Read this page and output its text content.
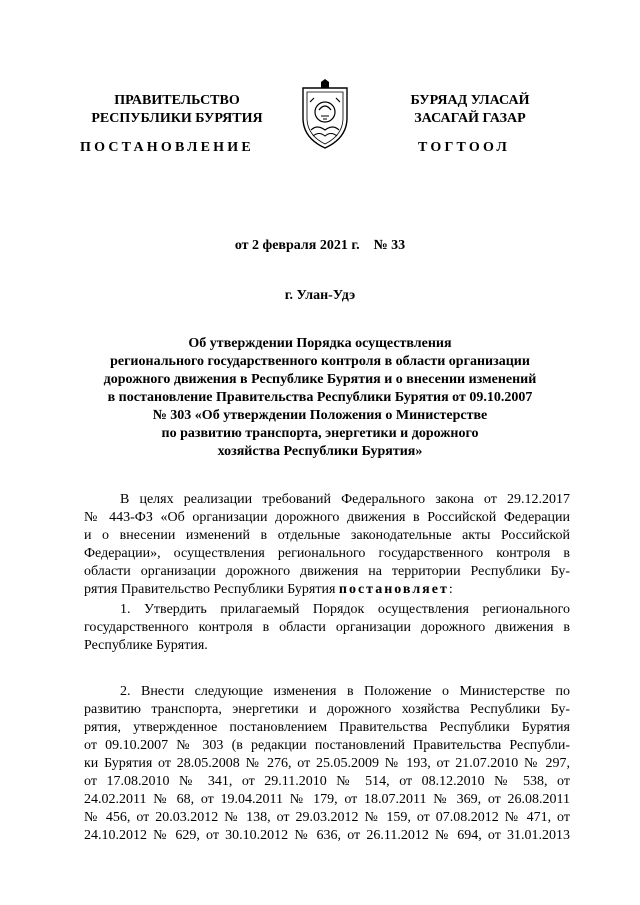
ПРАВИТЕЛЬСТВО
РЕСПУБЛИКИ БУРЯТИЯ
БУРЯАД УЛАСАЙ
ЗАСАГАЙ ГАЗАР
ПОСТАНОВЛЕНИЕ	ТОГТООЛ
от 2 февраля 2021 г.    № 33
г. Улан-Удэ
Об утверждении Порядка осуществления
регионального государственного контроля в области организации
дорожного движения в Республике Бурятия и о внесении изменений
в постановление Правительства Республики Бурятия от 09.10.2007
№ 303 «Об утверждении Положения о Министерстве
по развитию транспорта, энергетики и дорожного
хозяйства Республики Бурятия»
В целях реализации требований Федерального закона от 29.12.2017
№ 443-ФЗ «Об организации дорожного движения в Российской Федерации
и о внесении изменений в отдельные законодательные акты Российской
Федерации», осуществления регионального государственного контроля в
области организации дорожного движения на территории Республики Бу-
рятия Правительство Республики Бурятия постановляет:
1. Утвердить прилагаемый Порядок осуществления регионального
государственного контроля в области организации дорожного движения в
Республике Бурятия.
2. Внести следующие изменения в Положение о Министерстве по
развитию транспорта, энергетики и дорожного хозяйства Республики Бу-
рятия, утвержденное постановлением Правительства Республики Бурятия
от 09.10.2007 № 303 (в редакции постановлений Правительства Республи-
ки Бурятия от 28.05.2008 № 276, от 25.05.2009 № 193, от 21.07.2010 № 297,
от 17.08.2010 № 341, от 29.11.2010 № 514, от 08.12.2010 № 538, от
24.02.2011 № 68, от 19.04.2011 № 179, от 18.07.2011 № 369, от 26.08.2011
№ 456, от 20.03.2012 № 138, от 29.03.2012 № 159, от 07.08.2012 № 471, от
24.10.2012 № 629, от 30.10.2012 № 636, от 26.11.2012 № 694, от 31.01.2013
